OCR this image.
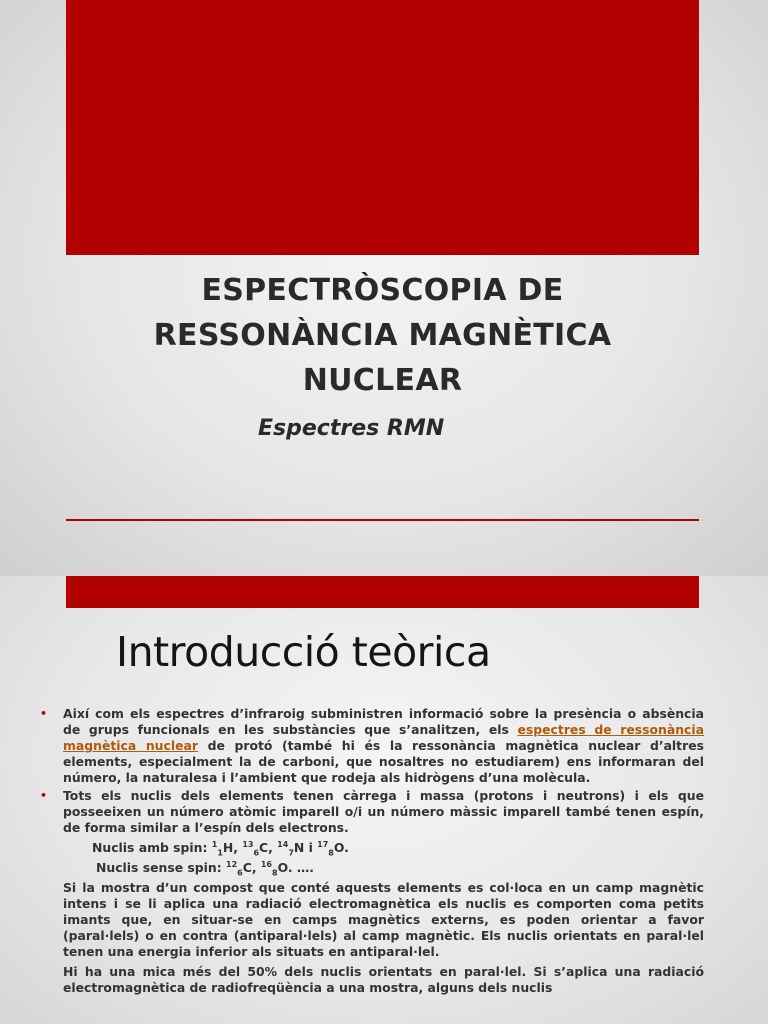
ESPECTRÒSCOPIA DE
RESSONÀNCIA MAGNÈTICA
NUCLEAR
Espectres RMN
Introducció teòrica
• Així com els espectres d’infraroig subministren informació sobre la presència o absència de grups funcionals en les substàncies que s’analitzen, els espectres de ressonància magnètica nuclear de protó (també hi és la ressonància magnètica nuclear d’altres elements, especialment la de carboni, que nosaltres no estudiarem) ens informaran del número, la naturalesa i l’ambient que rodeja als hidrògens d’una molècula.
• Tots els nuclis dels elements tenen càrrega i massa (protons i neutrons) i els que posseeixen un número atòmic imparell o/i un número màssic imparell també tenen espín, de forma similar a l’espín dels electrons.
Nuclis amb spin: $^1_1$H, $^{13}_6$C, $^{14}_7$N i $^{17}_8$O.
Nuclis sense spin: $^{12}_6$C, $^{16}_8$O. ….
Si la mostra d’un compost que conté aquests elements es col·loca en un camp magnètic intens i se li aplica una radiació electromagnètica els nuclis es comporten coma petits imants que, en situar-se en camps magnètics externs, es poden orientar a favor (paral·lels) o en contra (antiparal·lels) al camp magnètic. Els nuclis orientats en paral·lel tenen una energia inferior als situats en antiparal·lel.
Hi ha una mica més del 50% dels nuclis orientats en paral·lel. Si s’aplica una radiació electromagnètica de radiofreqüència a una mostra, alguns dels nuclis
